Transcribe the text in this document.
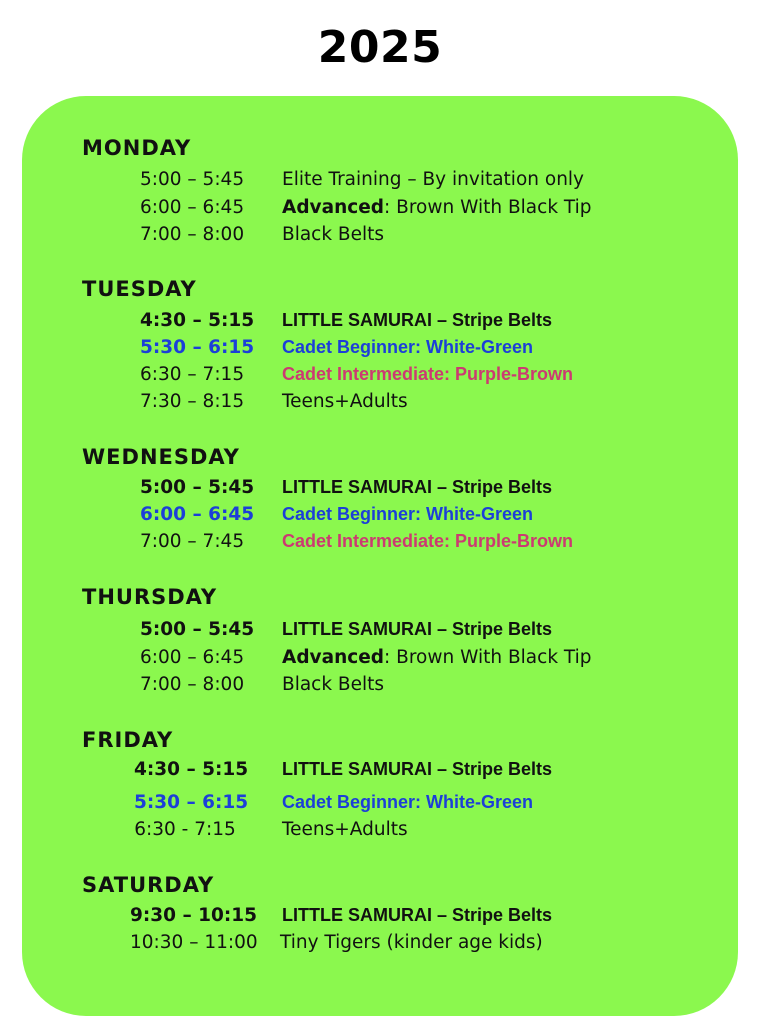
2025
MONDAY
5:00 – 5:45 Elite Training – By invitation only
6:00 – 6:45 Advanced: Brown With Black Tip
7:00 – 8:00 Black Belts
TUESDAY
4:30 – 5:15 LITTLE SAMURAI – Stripe Belts
5:30 – 6:15 Cadet Beginner: White-Green
6:30 – 7:15 Cadet Intermediate: Purple-Brown
7:30 – 8:15 Teens+Adults
WEDNESDAY
5:00 – 5:45 LITTLE SAMURAI – Stripe Belts
6:00 – 6:45 Cadet Beginner: White-Green
7:00 – 7:45 Cadet Intermediate: Purple-Brown
THURSDAY
5:00 – 5:45 LITTLE SAMURAI – Stripe Belts
6:00 – 6:45 Advanced: Brown With Black Tip
7:00 – 8:00 Black Belts
FRIDAY
4:30 – 5:15 LITTLE SAMURAI – Stripe Belts
5:30 – 6:15 Cadet Beginner: White-Green
6:30 - 7:15 Teens+Adults
SATURDAY
9:30 – 10:15 LITTLE SAMURAI – Stripe Belts
10:30 – 11:00	Tiny Tigers (kinder age kids)
